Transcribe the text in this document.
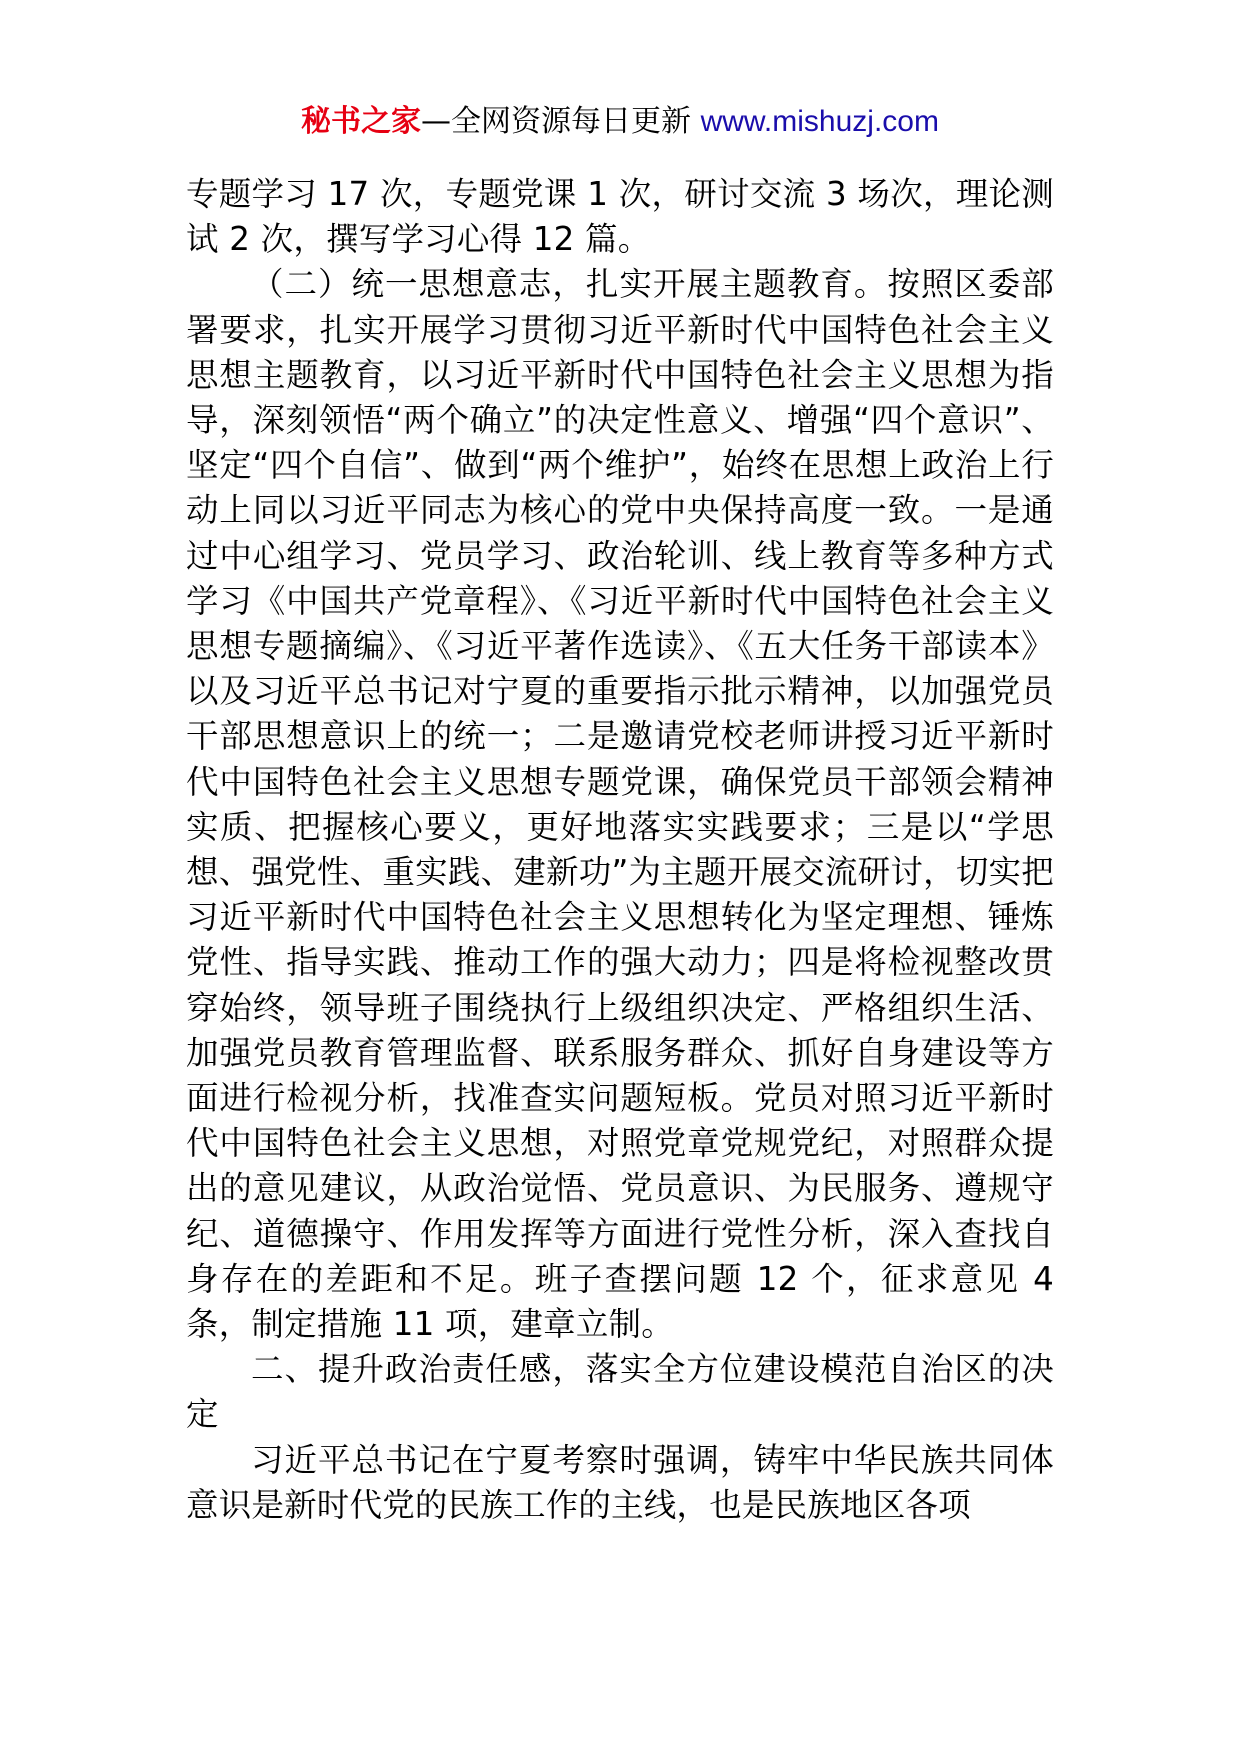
秘书之家—全网资源每日更新 www.mishuzj.com

专题学习 17 次，专题党课 1 次，研讨交流 3 场次，理论测试 2 次，撰写学习心得 12 篇。

（二）统一思想意志，扎实开展主题教育。按照区委部署要求，扎实开展学习贯彻习近平新时代中国特色社会主义思想主题教育，以习近平新时代中国特色社会主义思想为指导，深刻领悟“两个确立”的决定性意义、增强“四个意识”、坚定“四个自信”、做到“两个维护”，始终在思想上政治上行动上同以习近平同志为核心的党中央保持高度一致。一是通过中心组学习、党员学习、政治轮训、线上教育等多种方式学习《中国共产党章程》、《习近平新时代中国特色社会主义思想专题摘编》、《习近平著作选读》、《五大任务干部读本》以及习近平总书记对宁夏的重要指示批示精神，以加强党员干部思想意识上的统一；二是邀请党校老师讲授习近平新时代中国特色社会主义思想专题党课，确保党员干部领会精神实质、把握核心要义，更好地落实实践要求；三是以“学思想、强党性、重实践、建新功”为主题开展交流研讨，切实把习近平新时代中国特色社会主义思想转化为坚定理想、锤炼党性、指导实践、推动工作的强大动力；四是将检视整改贯穿始终，领导班子围绕执行上级组织决定、严格组织生活、加强党员教育管理监督、联系服务群众、抓好自身建设等方面进行检视分析，找准查实问题短板。党员对照习近平新时代中国特色社会主义思想，对照党章党规党纪，对照群众提出的意见建议，从政治觉悟、党员意识、为民服务、遵规守纪、道德操守、作用发挥等方面进行党性分析，深入查找自身存在的差距和不足。班子查摆问题 12 个，征求意见 4 条，制定措施 11 项，建章立制。

二、提升政治责任感，落实全方位建设模范自治区的决定

习近平总书记在宁夏考察时强调，铸牢中华民族共同体意识是新时代党的民族工作的主线，也是民族地区各项
